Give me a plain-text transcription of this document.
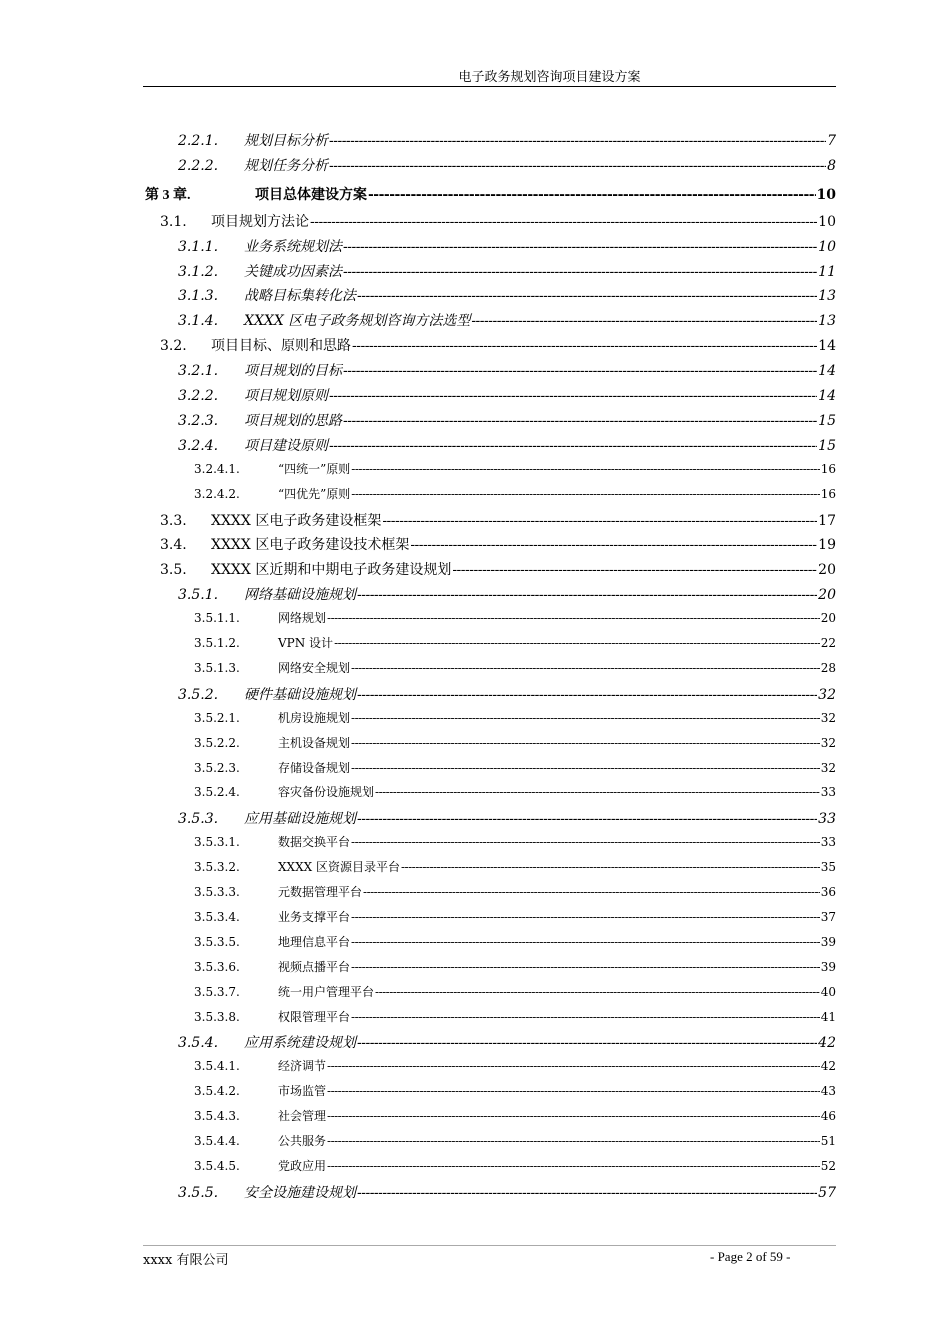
电子政务规划咨询项目建设方案
2.2.1.	规划目标分析 -----	7
2.2.2.	规划任务分析 -----	8
第 3 章.	项目总体建设方案 -----	10
3.1.	项目规划方法论 -----	10
3.1.1.	业务系统规划法 -----	10
3.1.2.	关键成功因素法 -----	11
3.1.3.	战略目标集转化法 -----	13
3.1.4.	XXXX 区电子政务规划咨询方法选型 -----	13
3.2.	项目目标、原则和思路 -----	14
3.2.1.	项目规划的目标 -----	14
3.2.2.	项目规划原则 -----	14
3.2.3.	项目规划的思路 -----	15
3.2.4.	项目建设原则 -----	15
3.2.4.1.	“四统一”原则 -----	16
3.2.4.2.	“四优先”原则 -----	16
3.3.	XXXX 区电子政务建设框架 -----	17
3.4.	XXXX 区电子政务建设技术框架 -----	19
3.5.	XXXX 区近期和中期电子政务建设规划 -----	20
3.5.1.	网络基础设施规划 -----	20
3.5.1.1.	网络规划 -----	20
3.5.1.2.	VPN 设计 -----	22
3.5.1.3.	网络安全规划 -----	28
3.5.2.	硬件基础设施规划 -----	32
3.5.2.1.	机房设施规划 -----	32
3.5.2.2.	主机设备规划 -----	32
3.5.2.3.	存储设备规划 -----	32
3.5.2.4.	容灾备份设施规划 -----	33
3.5.3.	应用基础设施规划 -----	33
3.5.3.1.	数据交换平台 -----	33
3.5.3.2.	XXXX 区资源目录平台 -----	35
3.5.3.3.	元数据管理平台 -----	36
3.5.3.4.	业务支撑平台 -----	37
3.5.3.5.	地理信息平台 -----	39
3.5.3.6.	视频点播平台 -----	39
3.5.3.7.	统一用户管理平台 -----	40
3.5.3.8.	权限管理平台 -----	41
3.5.4.	应用系统建设规划 -----	42
3.5.4.1.	经济调节 -----	42
3.5.4.2.	市场监管 -----	43
3.5.4.3.	社会管理 -----	46
3.5.4.4.	公共服务 -----	51
3.5.4.5.	党政应用 -----	52
3.5.5.	安全设施建设规划 -----	57
xxxx 有限公司	- Page 2 of 59 -
